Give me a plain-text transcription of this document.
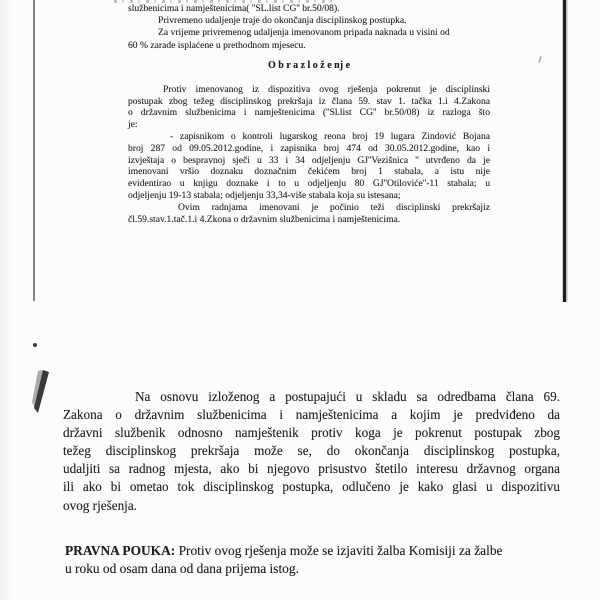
službenicima i namještenicima( ''SL.list CG'' br.50/08).
Privremeno udaljenje traje do okončanja disciplinskog postupka.
Za vrijeme privremenog udaljenja imenovanom pripada naknada u visini od
60 % zarade isplaćene u prethodnom mjesecu.
O b r a z l o ž e nj e
Protiv imenovanog iz dispozitiva ovog rješenja pokrenut je disciplinski
postupak zbog težeg disciplinskog prekršaja iz člana 59. stav 1. tačka 1.i 4.Zakona
o državnim službenicima i namještenicima (''Sl.list CG'' br.50/08) iz razloga što
je:
- zapisnikom o kontroli lugarskog reona broj 19 lugara Zindović Bojana
broj 287 od 09.05.2012.godine, i zapisnika broj 474 od 30.05.2012.godine, kao i
izvještaja o bespravnoj sječi u 33 i 34 odjeljenju GJ''Vezišnica '' utvrđeno da je
imenovani vršio doznaku doznačnim čekićem broj 1 stabala, a istu nije
evidentirao u knjigu doznake i to u odjeljenju 80 GJ''Otiloviće''-11 stabala; u
odjeljenju 19-13 stabala; odjeljenju 33,34-više stabala koja su istesana;
Ovim radnjama imenovani je počinio teži disciplinski prekršajiz
čl.59.stav.1.tač.1.i 4.Zkona o državnim službenicima i namještenicima.
Na osnovu izloženog a postupajući u skladu sa odredbama člana 69.
Zakona o državnim službenicima i namještenicima a kojim je predviđeno da
državni službenik odnosno namještenik protiv koga je pokrenut postupak zbog
težeg disciplinskog prekršaja može se, do okončanja disciplinskog postupka,
udaljiti sa radnog mjesta, ako bi njegovo prisustvo štetilo interesu državnog organa
ili ako bi ometao tok disciplinskog postupka, odlučeno je kako glasi u dispozitivu
ovog rješenja.
PRAVNA POUKA: Protiv ovog rješenja može se izjaviti žalba Komisiji za žalbe
u roku od osam dana od dana prijema istog.
